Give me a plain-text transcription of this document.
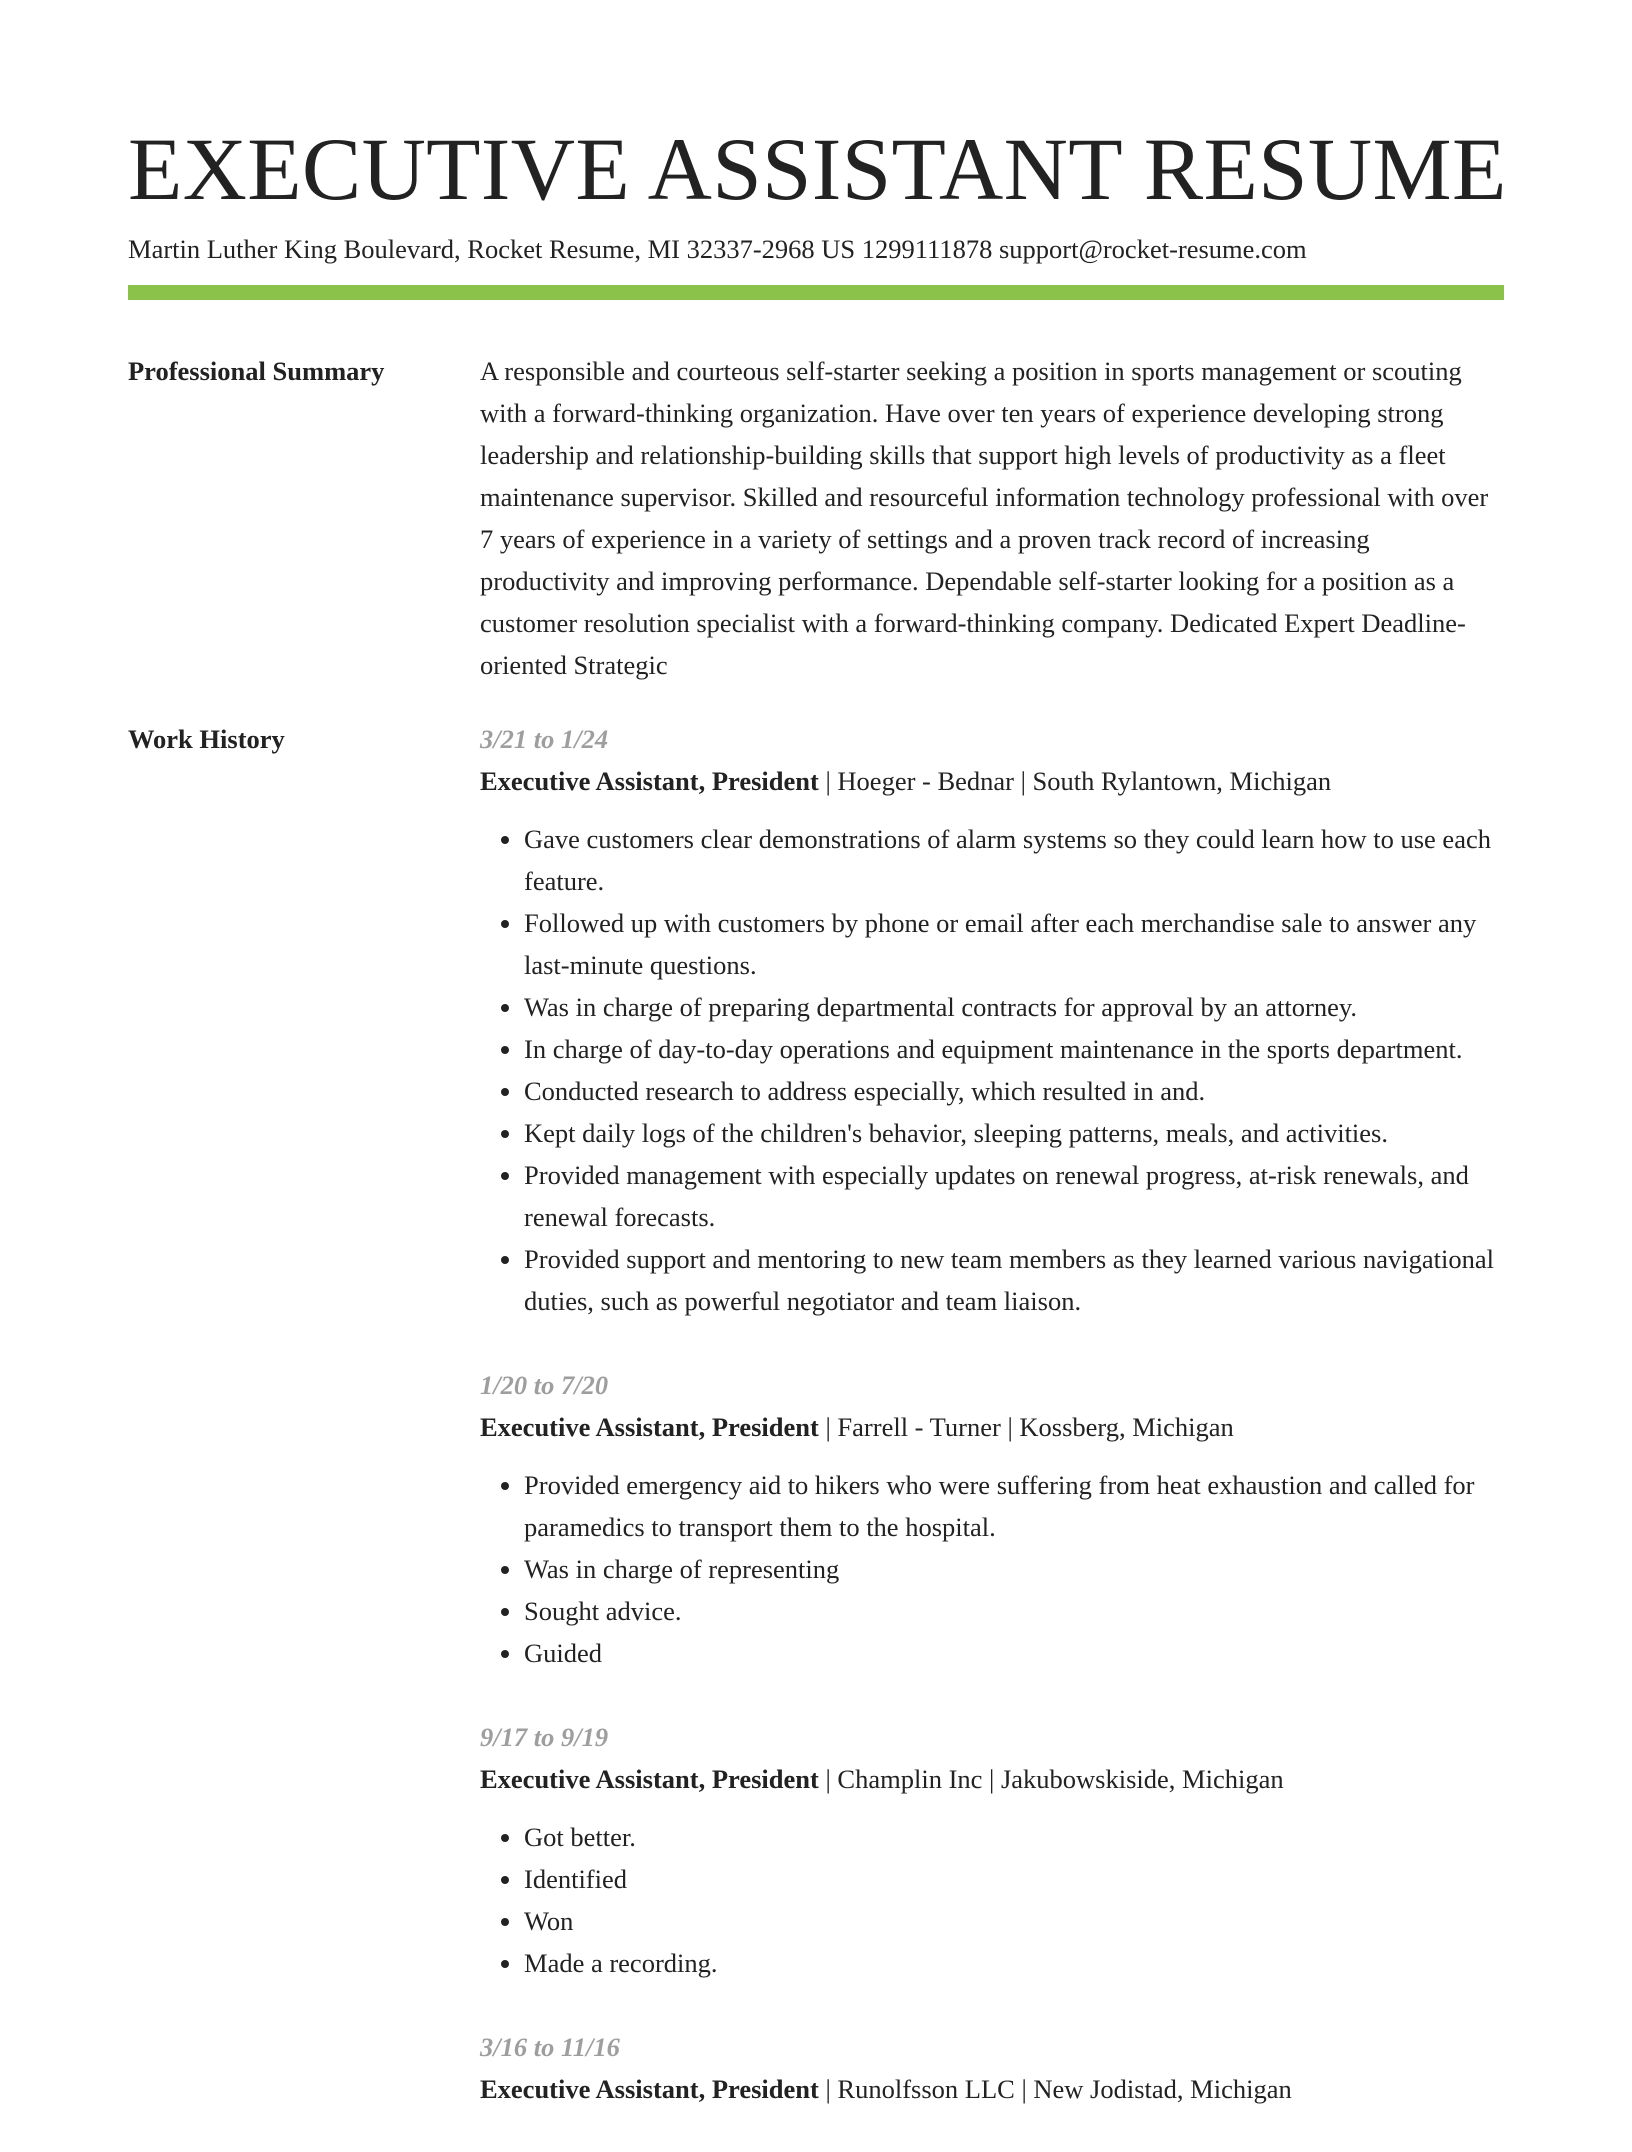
EXECUTIVE ASSISTANT RESUME
Martin Luther King Boulevard, Rocket Resume, MI 32337-2968 US 1299111878 support@rocket-resume.com
Professional Summary	A responsible and courteous self-starter seeking a position in sports management or scouting with a forward-thinking organization. Have over ten years of experience developing strong leadership and relationship-building skills that support high levels of productivity as a fleet maintenance supervisor. Skilled and resourceful information technology professional with over 7 years of experience in a variety of settings and a proven track record of increasing productivity and improving performance. Dependable self-starter looking for a position as a customer resolution specialist with a forward-thinking company. Dedicated Expert Deadline-oriented Strategic

Work History	3/21 to 1/24
Executive Assistant, President | Hoeger - Bednar | South Rylantown, Michigan
• Gave customers clear demonstrations of alarm systems so they could learn how to use each feature.
• Followed up with customers by phone or email after each merchandise sale to answer any last-minute questions.
• Was in charge of preparing departmental contracts for approval by an attorney.
• In charge of day-to-day operations and equipment maintenance in the sports department.
• Conducted research to address especially, which resulted in and.
• Kept daily logs of the children's behavior, sleeping patterns, meals, and activities.
• Provided management with especially updates on renewal progress, at-risk renewals, and renewal forecasts.
• Provided support and mentoring to new team members as they learned various navigational duties, such as powerful negotiator and team liaison.
1/20 to 7/20
Executive Assistant, President | Farrell - Turner | Kossberg, Michigan
• Provided emergency aid to hikers who were suffering from heat exhaustion and called for paramedics to transport them to the hospital.
• Was in charge of representing
• Sought advice.
• Guided
9/17 to 9/19
Executive Assistant, President | Champlin Inc | Jakubowskiside, Michigan
• Got better.
• Identified
• Won
• Made a recording.
3/16 to 11/16
Executive Assistant, President | Runolfsson LLC | New Jodistad, Michigan
